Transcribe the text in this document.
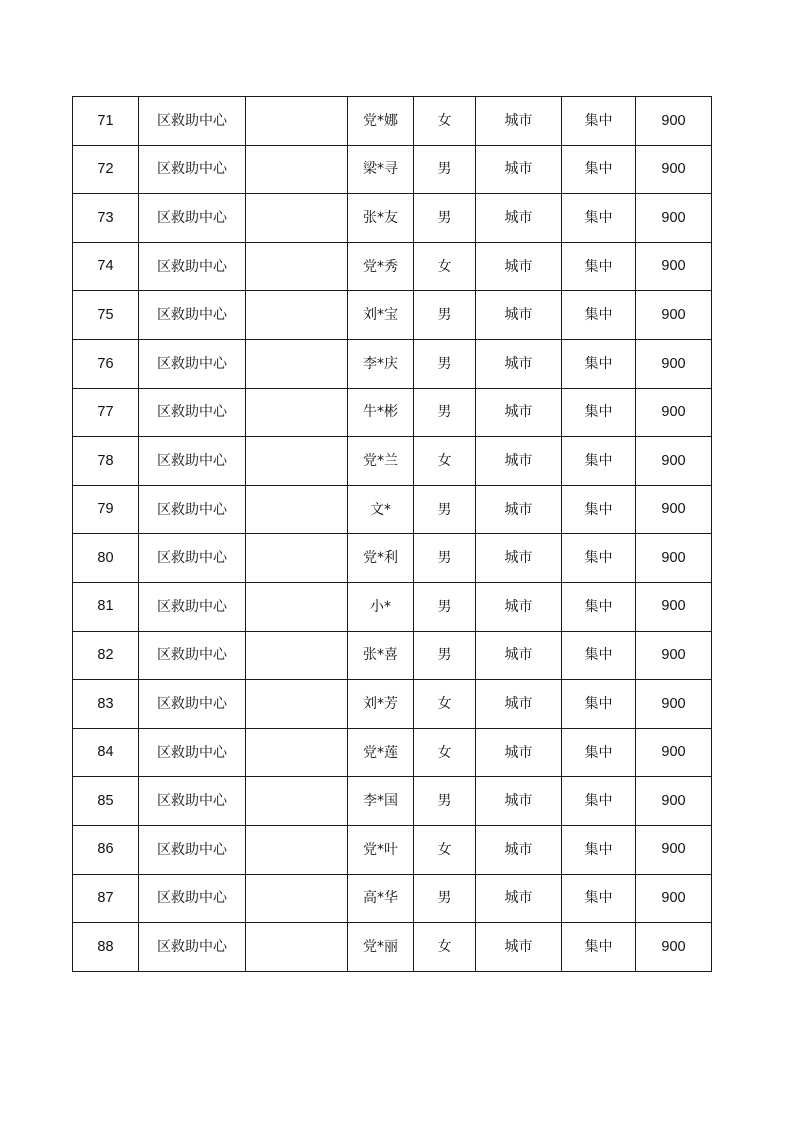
71	区救助中心		党*娜	女	城市	集中	900
72	区救助中心		梁*寻	男	城市	集中	900
73	区救助中心		张*友	男	城市	集中	900
74	区救助中心		党*秀	女	城市	集中	900
75	区救助中心		刘*宝	男	城市	集中	900
76	区救助中心		李*庆	男	城市	集中	900
77	区救助中心		牛*彬	男	城市	集中	900
78	区救助中心		党*兰	女	城市	集中	900
79	区救助中心		文*	男	城市	集中	900
80	区救助中心		党*利	男	城市	集中	900
81	区救助中心		小*	男	城市	集中	900
82	区救助中心		张*喜	男	城市	集中	900
83	区救助中心		刘*芳	女	城市	集中	900
84	区救助中心		党*莲	女	城市	集中	900
85	区救助中心		李*国	男	城市	集中	900
86	区救助中心		党*叶	女	城市	集中	900
87	区救助中心		高*华	男	城市	集中	900
88	区救助中心		党*丽	女	城市	集中	900
